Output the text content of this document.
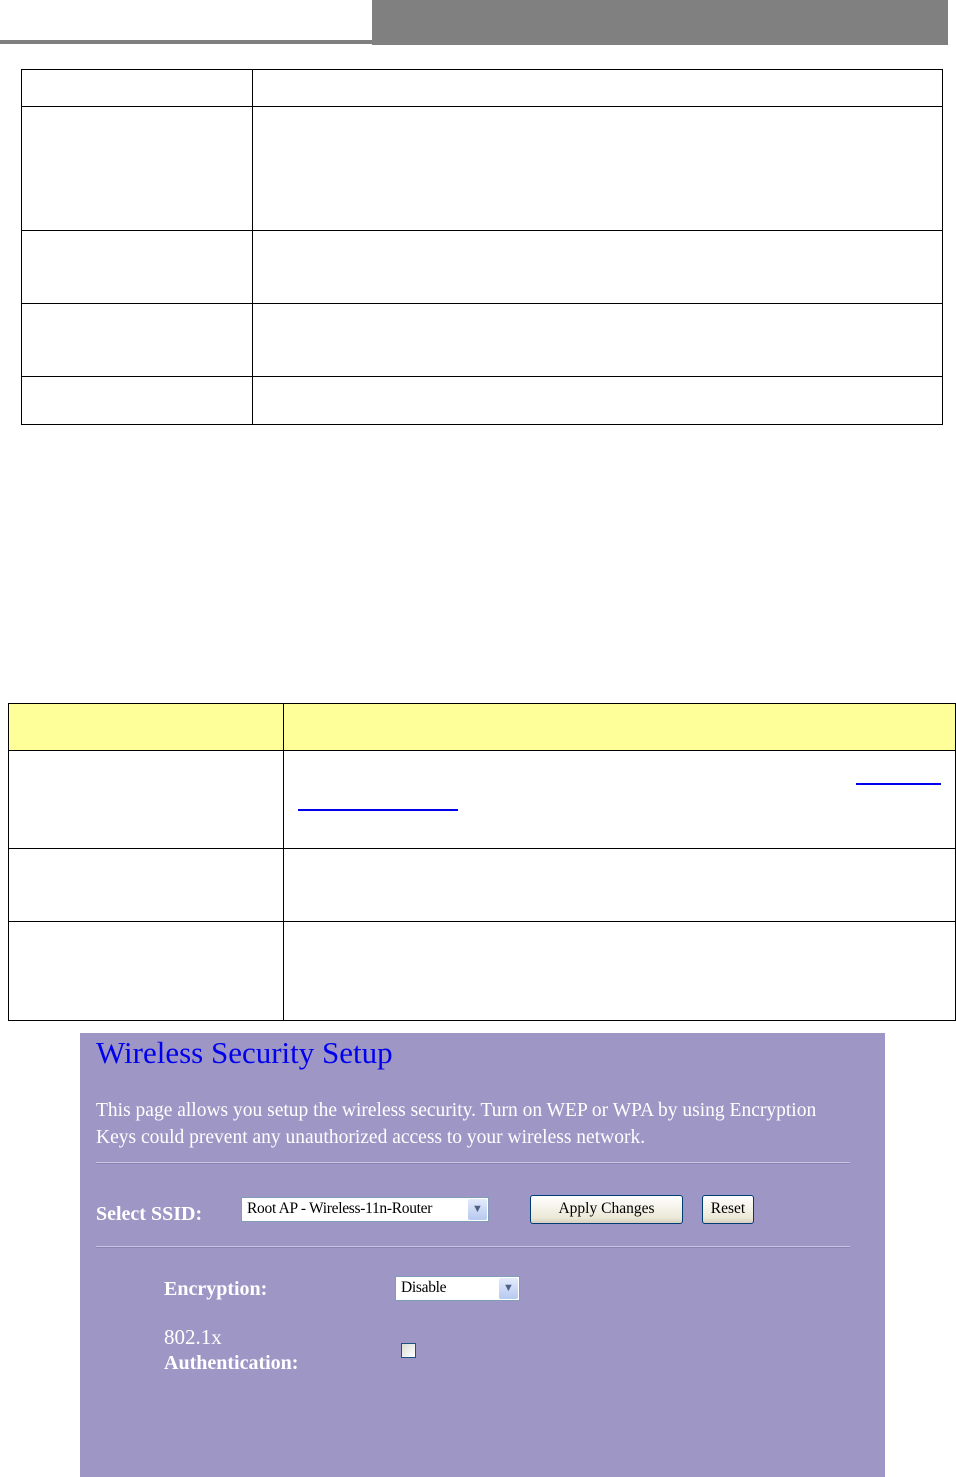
Wireless Security Setup
This page allows you setup the wireless security. Turn on WEP or WPA by using Encryption Keys could prevent any unauthorized access to your wireless network.
Select SSID:	Root AP - Wireless-11n-Router	▼	Apply Changes	Reset
Encryption:	Disable	▼
802.1x
Authentication:
